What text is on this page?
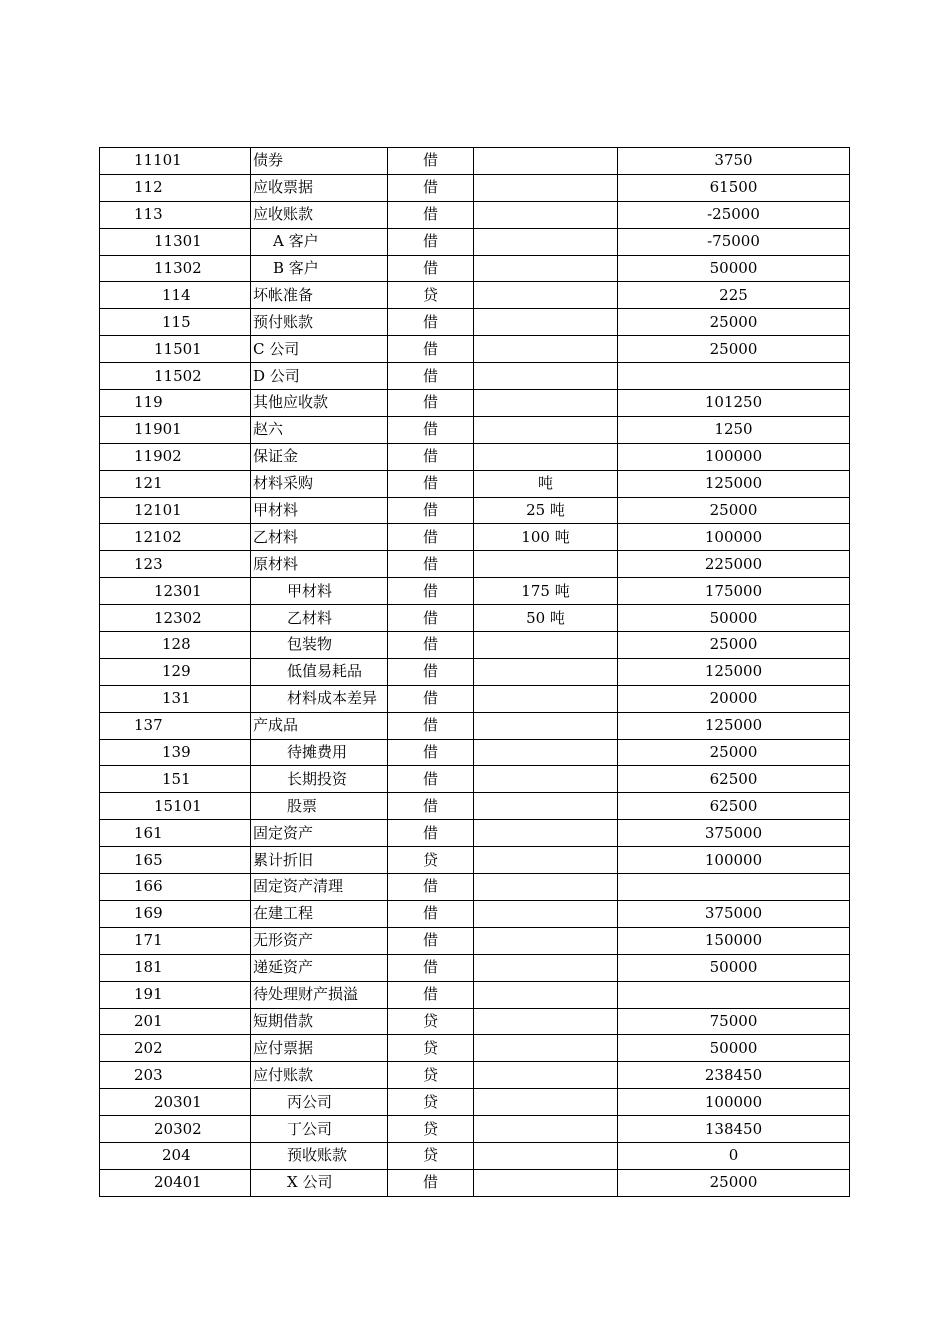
11101	债券	借		3750
112	应收票据	借		61500
113	应收账款	借		-25000
11301	A 客户	借		-75000
11302	B 客户	借		50000
114	坏帐准备	贷		225
115	预付账款	借		25000
11501	C 公司	借		25000
11502	D 公司	借		
119	其他应收款	借		101250
11901	赵六	借		1250
11902	保证金	借		100000
121	材料采购	借	吨	125000
12101	甲材料	借	25 吨	25000
12102	乙材料	借	100 吨	100000
123	原材料	借		225000
12301	甲材料	借	175 吨	175000
12302	乙材料	借	50 吨	50000
128	包装物	借		25000
129	低值易耗品	借		125000
131	材料成本差异	借		20000
137	产成品	借		125000
139	待摊费用	借		25000
151	长期投资	借		62500
15101	股票	借		62500
161	固定资产	借		375000
165	累计折旧	贷		100000
166	固定资产清理	借		
169	在建工程	借		375000
171	无形资产	借		150000
181	递延资产	借		50000
191	待处理财产损溢	借		
201	短期借款	贷		75000
202	应付票据	贷		50000
203	应付账款	贷		238450
20301	丙公司	贷		100000
20302	丁公司	贷		138450
204	预收账款	贷		0
20401	X 公司	借		25000
